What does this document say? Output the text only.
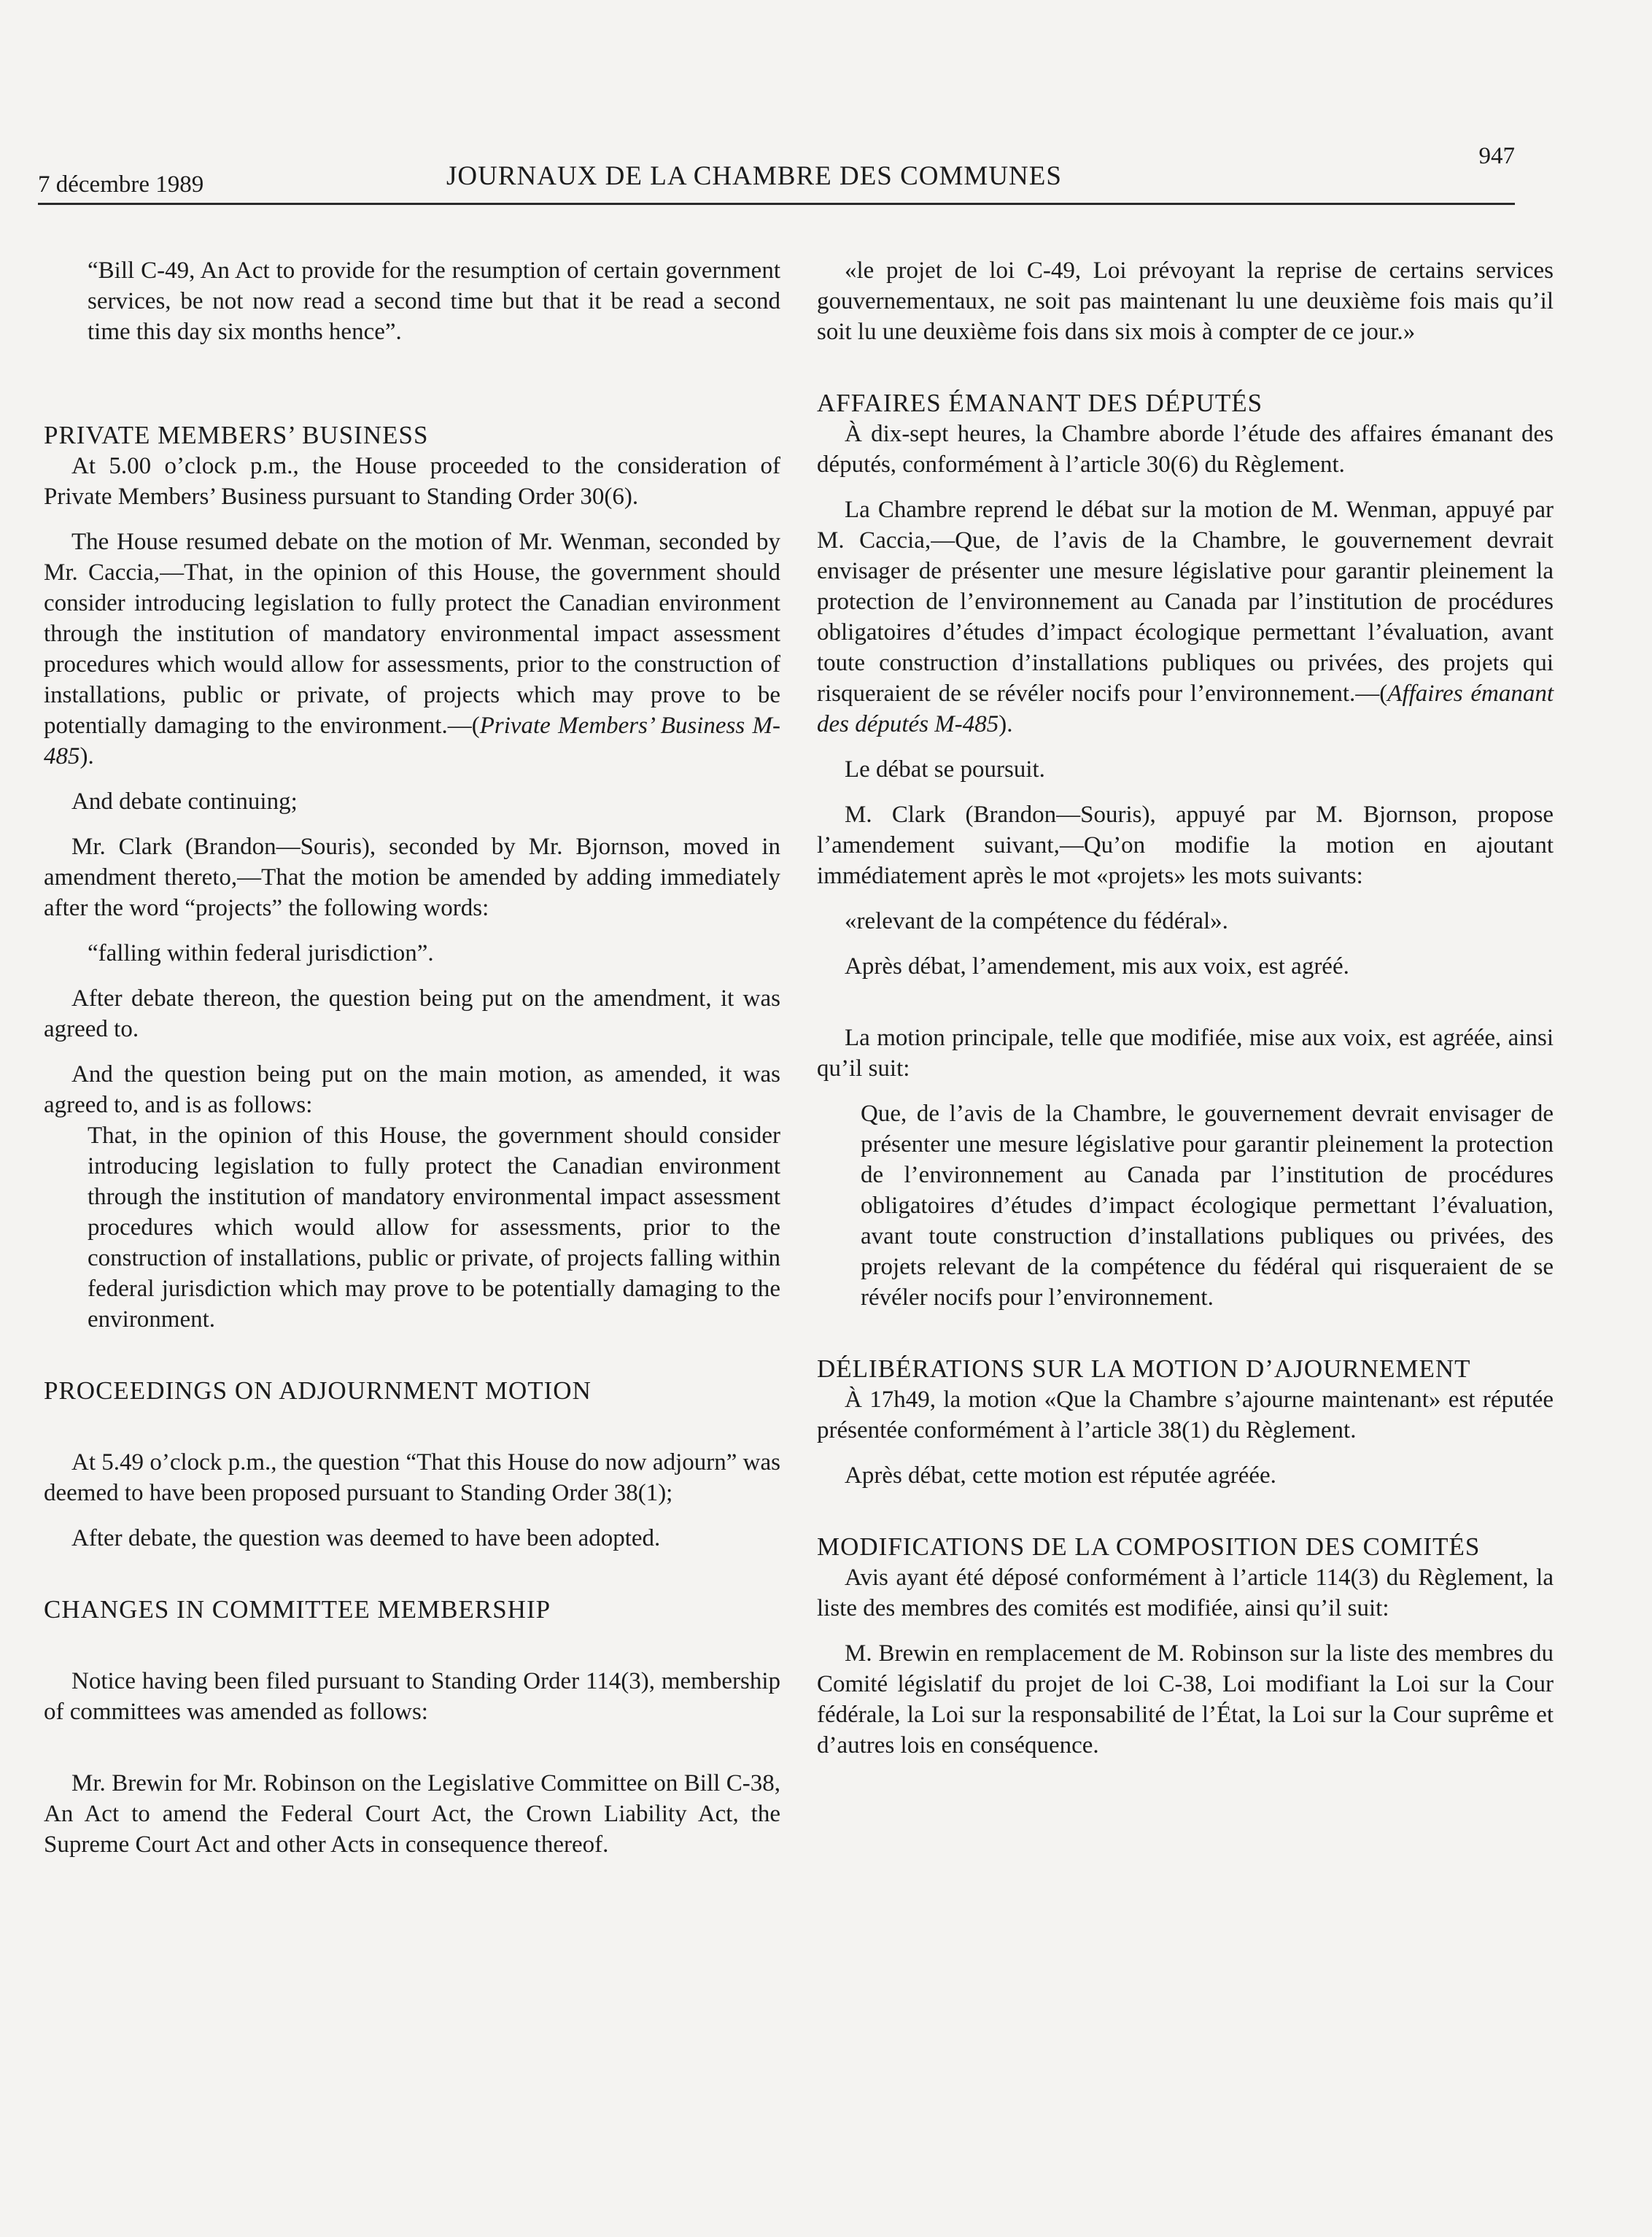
7 décembre 1989	JOURNAUX DE LA CHAMBRE DES COMMUNES
947

“Bill C-49, An Act to provide for the resumption of certain government services, be not now read a second time but that it be read a second time this day six months hence”.

PRIVATE MEMBERS’ BUSINESS

At 5.00 o’clock p.m., the House proceeded to the consideration of Private Members’ Business pursuant to Standing Order 30(6).

The House resumed debate on the motion of Mr. Wenman, seconded by Mr. Caccia,—That, in the opinion of this House, the government should consider introducing legislation to fully protect the Canadian environment through the institution of mandatory environmental impact assessment procedures which would allow for assessments, prior to the construction of installations, public or private, of projects which may prove to be potentially damaging to the environment.—(Private Members’ Business M-485).

And debate continuing;

Mr. Clark (Brandon—Souris), seconded by Mr. Bjornson, moved in amendment thereto,—That the motion be amended by adding immediately after the word “projects” the following words:

“falling within federal jurisdiction”.

After debate thereon, the question being put on the amendment, it was agreed to.

And the question being put on the main motion, as amended, it was agreed to, and is as follows:

That, in the opinion of this House, the government should consider introducing legislation to fully protect the Canadian environment through the institution of mandatory environmental impact assessment procedures which would allow for assessments, prior to the construction of installations, public or private, of projects falling within federal jurisdiction which may prove to be potentially damaging to the environment.

PROCEEDINGS ON ADJOURNMENT MOTION

At 5.49 o’clock p.m., the question “That this House do now adjourn” was deemed to have been proposed pursuant to Standing Order 38(1);

After debate, the question was deemed to have been adopted.

CHANGES IN COMMITTEE MEMBERSHIP

Notice having been filed pursuant to Standing Order 114(3), membership of committees was amended as follows:

Mr. Brewin for Mr. Robinson on the Legislative Committee on Bill C-38, An Act to amend the Federal Court Act, the Crown Liability Act, the Supreme Court Act and other Acts in consequence thereof.

«le projet de loi C-49, Loi prévoyant la reprise de certains services gouvernementaux, ne soit pas maintenant lu une deuxième fois mais qu’il soit lu une deuxième fois dans six mois à compter de ce jour.»

AFFAIRES ÉMANANT DES DÉPUTÉS

À dix-sept heures, la Chambre aborde l’étude des affaires émanant des députés, conformément à l’article 30(6) du Règlement.

La Chambre reprend le débat sur la motion de M. Wenman, appuyé par M. Caccia,—Que, de l’avis de la Chambre, le gouvernement devrait envisager de présenter une mesure législative pour garantir pleinement la protection de l’environnement au Canada par l’institution de procédures obligatoires d’études d’impact écologique permettant l’évaluation, avant toute construction d’installations publiques ou privées, des projets qui risqueraient de se révéler nocifs pour l’environnement.—(Affaires émanant des députés M-485).

Le débat se poursuit.

M. Clark (Brandon—Souris), appuyé par M. Bjornson, propose l’amendement suivant,—Qu’on modifie la motion en ajoutant immédiatement après le mot «projets» les mots suivants:

«relevant de la compétence du fédéral».

Après débat, l’amendement, mis aux voix, est agréé.

La motion principale, telle que modifiée, mise aux voix, est agréée, ainsi qu’il suit:

Que, de l’avis de la Chambre, le gouvernement devrait envisager de présenter une mesure législative pour garantir pleinement la protection de l’environnement au Canada par l’institution de procédures obligatoires d’études d’impact écologique permettant l’évaluation, avant toute construction d’installations publiques ou privées, des projets relevant de la compétence du fédéral qui risqueraient de se révéler nocifs pour l’environnement.

DÉLIBÉRATIONS SUR LA MOTION D’AJOURNEMENT

À 17h49, la motion «Que la Chambre s’ajourne maintenant» est réputée présentée conformément à l’article 38(1) du Règlement.

Après débat, cette motion est réputée agréée.

MODIFICATIONS DE LA COMPOSITION DES COMITÉS

Avis ayant été déposé conformément à l’article 114(3) du Règlement, la liste des membres des comités est modifiée, ainsi qu’il suit:

M. Brewin en remplacement de M. Robinson sur la liste des membres du Comité législatif du projet de loi C-38, Loi modifiant la Loi sur la Cour fédérale, la Loi sur la responsabilité de l’État, la Loi sur la Cour suprême et d’autres lois en conséquence.
